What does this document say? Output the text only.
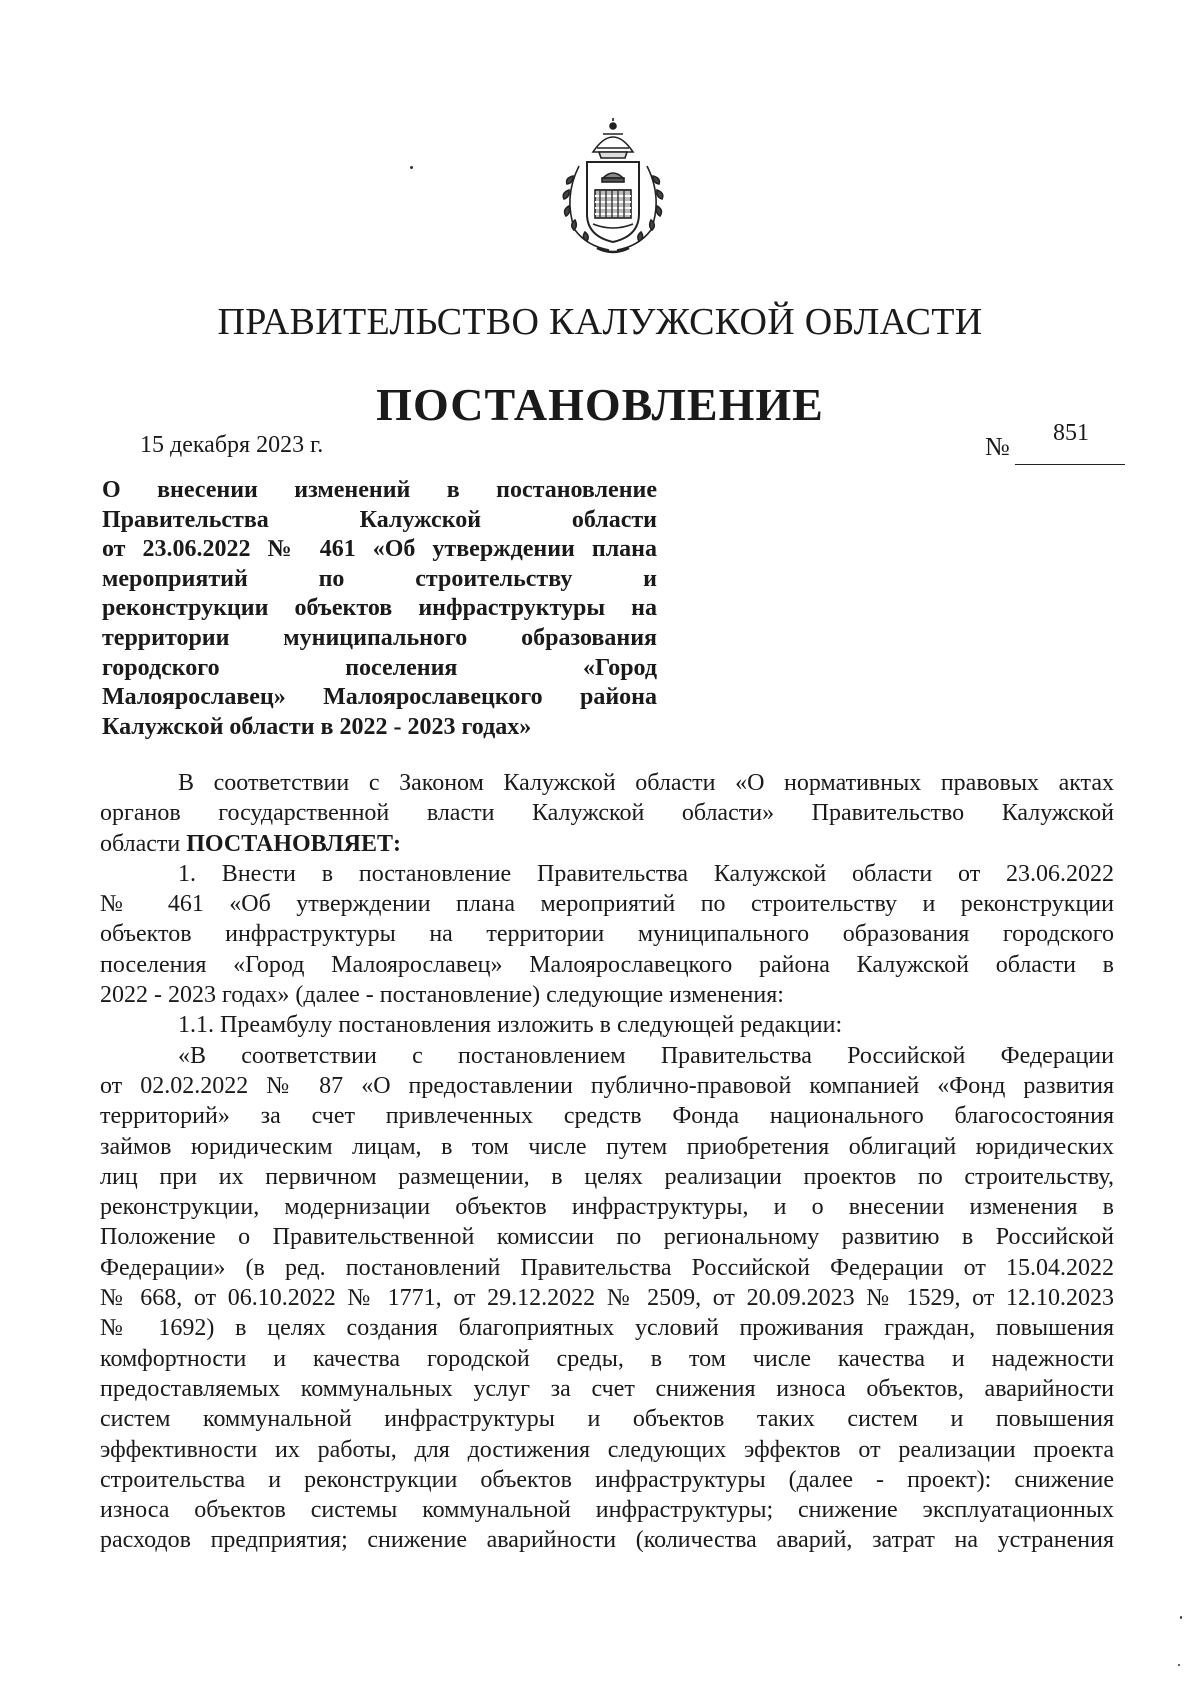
ПРАВИТЕЛЬСТВО КАЛУЖСКОЙ ОБЛАСТИ
ПОСТАНОВЛЕНИЕ
15 декабря 2023 г.	№ 851
О внесении изменений в постановление
Правительства Калужской области
от 23.06.2022 № 461 «Об утверждении плана
мероприятий по строительству и
реконструкции объектов инфраструктуры на
территории муниципального образования
городского поселения «Город
Малоярославец» Малоярославецкого района
Калужской области в 2022 - 2023 годах»
В соответствии с Законом Калужской области «О нормативных правовых актах
органов государственной власти Калужской области» Правительство Калужской
области ПОСТАНОВЛЯЕТ:
1. Внести в постановление Правительства Калужской области от 23.06.2022
№ 461 «Об утверждении плана мероприятий по строительству и реконструкции
объектов инфраструктуры на территории муниципального образования городского
поселения «Город Малоярославец» Малоярославецкого района Калужской области в
2022 - 2023 годах» (далее - постановление) следующие изменения:
1.1. Преамбулу постановления изложить в следующей редакции:
«В соответствии с постановлением Правительства Российской Федерации
от 02.02.2022 № 87 «О предоставлении публично-правовой компанией «Фонд развития
территорий» за счет привлеченных средств Фонда национального благосостояния
займов юридическим лицам, в том числе путем приобретения облигаций юридических
лиц при их первичном размещении, в целях реализации проектов по строительству,
реконструкции, модернизации объектов инфраструктуры, и о внесении изменения в
Положение о Правительственной комиссии по региональному развитию в Российской
Федерации» (в ред. постановлений Правительства Российской Федерации от 15.04.2022
№ 668, от 06.10.2022 № 1771, от 29.12.2022 № 2509, от 20.09.2023 № 1529, от 12.10.2023
№ 1692) в целях создания благоприятных условий проживания граждан, повышения
комфортности и качества городской среды, в том числе качества и надежности
предоставляемых коммунальных услуг за счет снижения износа объектов, аварийности
систем коммунальной инфраструктуры и объектов таких систем и повышения
эффективности их работы, для достижения следующих эффектов от реализации проекта
строительства и реконструкции объектов инфраструктуры (далее - проект): снижение
износа объектов системы коммунальной инфраструктуры; снижение эксплуатационных
расходов предприятия; снижение аварийности (количества аварий, затрат на устранения
